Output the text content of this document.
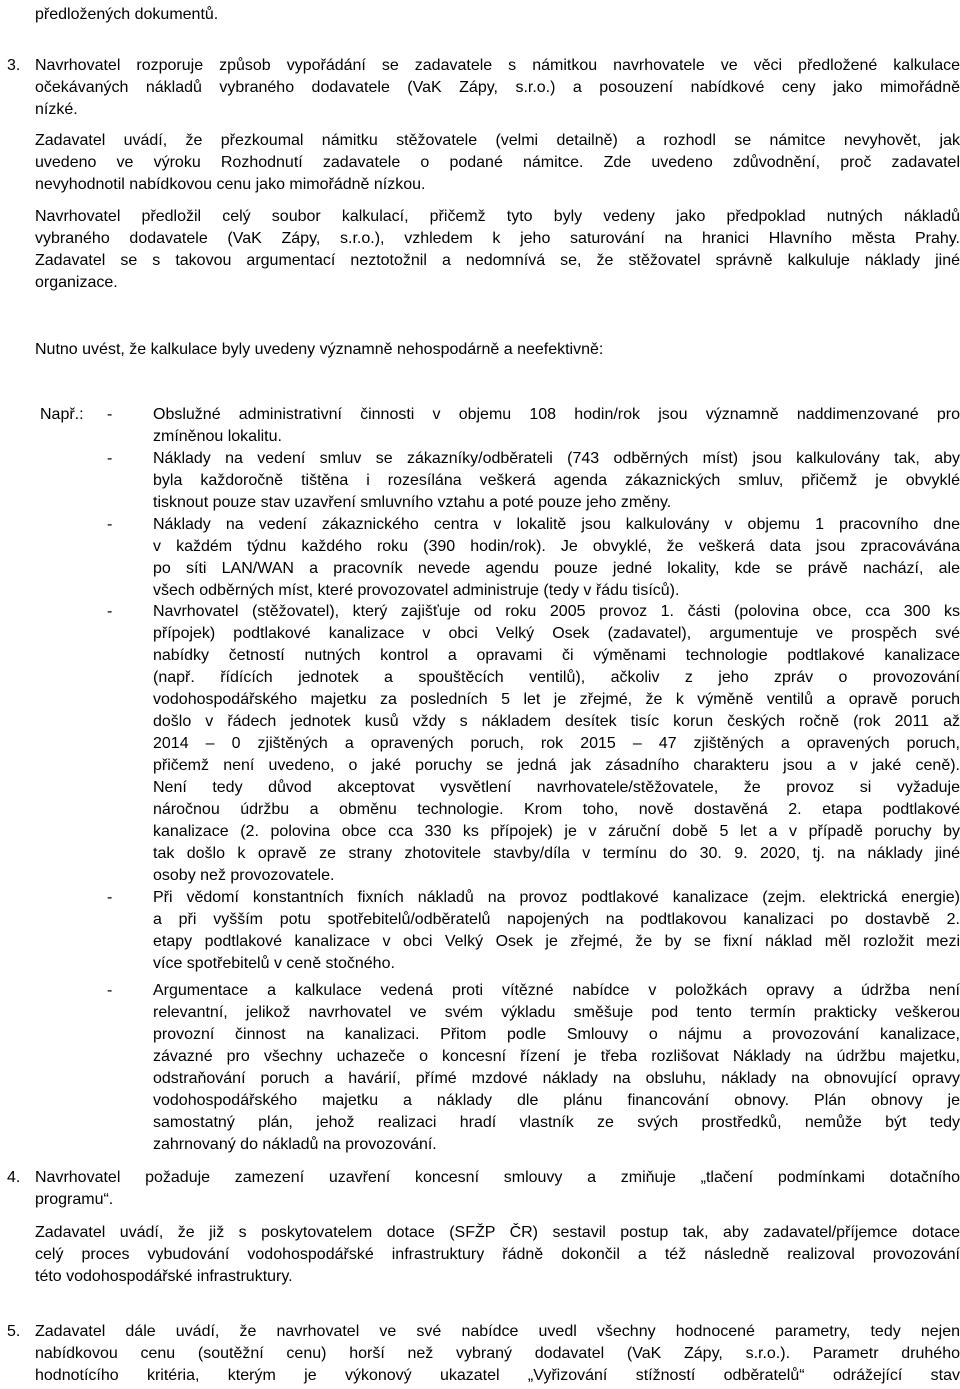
předložených dokumentů.
3. Navrhovatel rozporuje způsob vypořádání se zadavatele s námitkou navrhovatele ve věci předložené kalkulace
očekávaných nákladů vybraného dodavatele (VaK Zápy, s.r.o.) a posouzení nabídkové ceny jako mimořádně
nízké.
Zadavatel uvádí, že přezkoumal námitku stěžovatele (velmi detailně) a rozhodl se námitce nevyhovět, jak
uvedeno ve výroku Rozhodnutí zadavatele o podané námitce. Zde uvedeno zdůvodnění, proč zadavatel
nevyhodnotil nabídkovou cenu jako mimořádně nízkou.
Navrhovatel předložil celý soubor kalkulací, přičemž tyto byly vedeny jako předpoklad nutných nákladů
vybraného dodavatele (VaK Zápy, s.r.o.), vzhledem k jeho saturování na hranici Hlavního města Prahy.
Zadavatel se s takovou argumentací neztotožnil a nedomnívá se, že stěžovatel správně kalkuluje náklady jiné
organizace.
Nutno uvést, že kalkulace byly uvedeny významně nehospodárně a neefektivně:
Např.: -	Obslužné administrativní činnosti v objemu 108 hodin/rok jsou významně naddimenzované pro
zmíněnou lokalitu.
-	Náklady na vedení smluv se zákazníky/odběrateli (743 odběrných míst) jsou kalkulovány tak, aby
byla každoročně tištěna i rozesílána veškerá agenda zákaznických smluv, přičemž je obvyklé
tisknout pouze stav uzavření smluvního vztahu a poté pouze jeho změny.
-	Náklady na vedení zákaznického centra v lokalitě jsou kalkulovány v objemu 1 pracovního dne
v každém týdnu každého roku (390 hodin/rok). Je obvyklé, že veškerá data jsou zpracovávána
po síti LAN/WAN a pracovník nevede agendu pouze jedné lokality, kde se právě nachází, ale
všech odběrných míst, které provozovatel administruje (tedy v řádu tisíců).
-	Navrhovatel (stěžovatel), který zajišťuje od roku 2005 provoz 1. části (polovina obce, cca 300 ks
přípojek) podtlakové kanalizace v obci Velký Osek (zadavatel), argumentuje ve prospěch své
nabídky četností nutných kontrol a opravami či výměnami technologie podtlakové kanalizace
(např. řídících jednotek a spouštěcích ventilů), ačkoliv z jeho zpráv o provozování
vodohospodářského majetku za posledních 5 let je zřejmé, že k výměně ventilů a opravě poruch
došlo v řádech jednotek kusů vždy s nákladem desítek tisíc korun českých ročně (rok 2011 až
2014 – 0 zjištěných a opravených poruch, rok 2015 – 47 zjištěných a opravených poruch,
přičemž není uvedeno, o jaké poruchy se jedná jak zásadního charakteru jsou a v jaké ceně).
Není tedy důvod akceptovat vysvětlení navrhovatele/stěžovatele, že provoz si vyžaduje
náročnou údržbu a obměnu technologie. Krom toho, nově dostavěná 2. etapa podtlakové
kanalizace (2. polovina obce cca 330 ks přípojek) je v záruční době 5 let a v případě poruchy by
tak došlo k opravě ze strany zhotovitele stavby/díla v termínu do 30. 9. 2020, tj. na náklady jiné
osoby než provozovatele.
-	Při vědomí konstantních fixních nákladů na provoz podtlakové kanalizace (zejm. elektrická energie)
a při vyšším potu spotřebitelů/odběratelů napojených na podtlakovou kanalizaci po dostavbě 2.
etapy podtlakové kanalizace v obci Velký Osek je zřejmé, že by se fixní náklad měl rozložit mezi
více spotřebitelů v ceně stočného.
-	Argumentace a kalkulace vedená proti vítězné nabídce v položkách opravy a údržba není
relevantní, jelikož navrhovatel ve svém výkladu směšuje pod tento termín prakticky veškerou
provozní činnost na kanalizaci. Přitom podle Smlouvy o nájmu a provozování kanalizace,
závazné pro všechny uchazeče o koncesní řízení je třeba rozlišovat Náklady na údržbu majetku,
odstraňování poruch a havárií, přímé mzdové náklady na obsluhu, náklady na obnovující opravy
vodohospodářského majetku a náklady dle plánu financování obnovy. Plán obnovy je
samostatný plán, jehož realizaci hradí vlastník ze svých prostředků, nemůže být tedy
zahrnovaný do nákladů na provozování.
4. Navrhovatel požaduje zamezení uzavření koncesní smlouvy a zmiňuje „tlačení podmínkami dotačního
programu“.
Zadavatel uvádí, že již s poskytovatelem dotace (SFŽP ČR) sestavil postup tak, aby zadavatel/příjemce dotace
celý proces vybudování vodohospodářské infrastruktury řádně dokončil a též následně realizoval provozování
této vodohospodářské infrastruktury.
5. Zadavatel dále uvádí, že navrhovatel ve své nabídce uvedl všechny hodnocené parametry, tedy nejen
nabídkovou cenu (soutěžní cenu) horší než vybraný dodavatel (VaK Zápy, s.r.o.). Parametr druhého
hodnotícího kritéria, kterým je výkonový ukazatel „Vyřizování stížností odběratelů“ odrážející stav
